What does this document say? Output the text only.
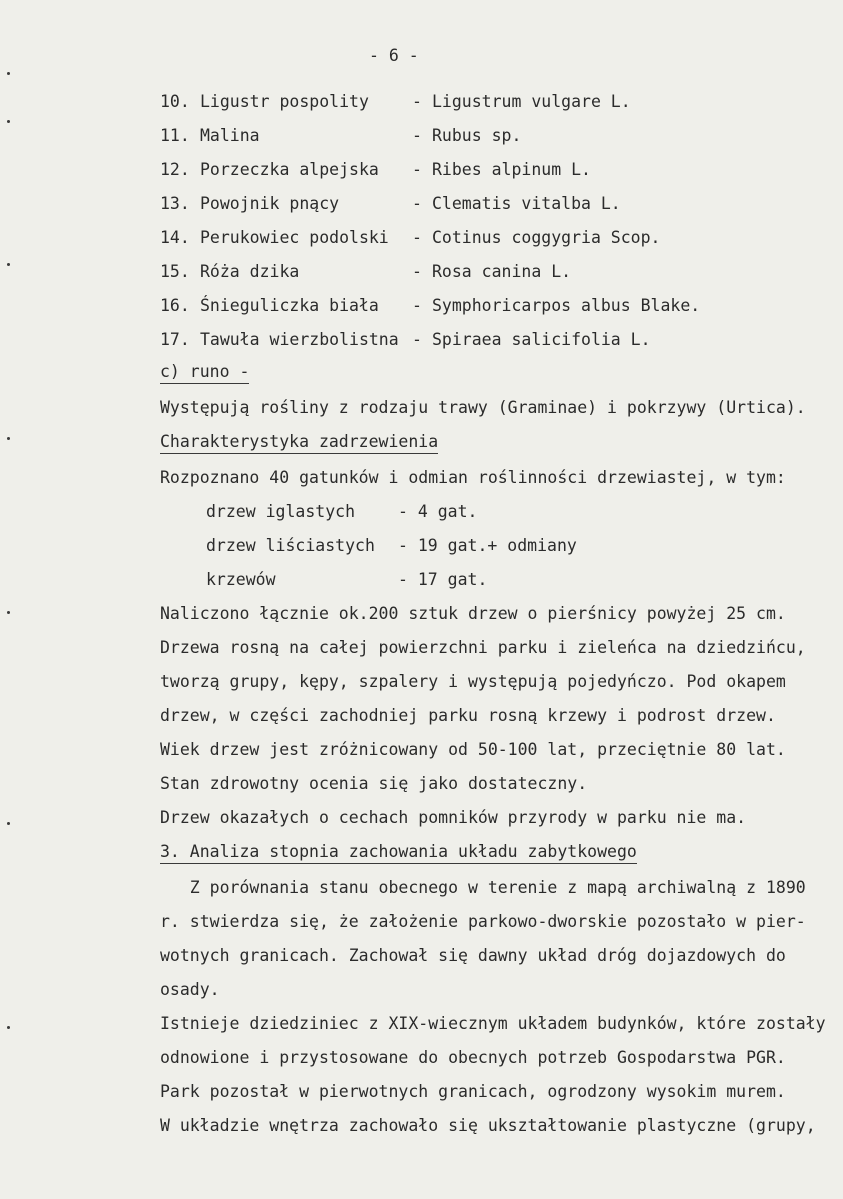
- 6 -
10. Ligustr pospolity	- Ligustrum vulgare L.
11. Malina	- Rubus sp.
12. Porzeczka alpejska - Ribes alpinum L.
13. Powojnik pnący	- Clematis vitalba L.
14. Perukowiec podolski - Cotinus coggygria Scop.
15. Róża dzika	- Rosa canina L.
16. Śnieguliczka biała - Symphoricarpos albus Blake.
17. Tawuła wierzbolistna - Spiraea salicifolia L.
c) runo -
Występują rośliny z rodzaju trawy (Graminae) i pokrzywy (Urtica).
Charakterystyka zadrzewienia
Rozpoznano 40 gatunków i odmian roślinności drzewiastej, w tym:
drzew iglastych	- 4 gat.
drzew liściastych - 19 gat.+ odmiany
krzewów	- 17 gat.
Naliczono łącznie ok.200 sztuk drzew o pierśnicy powyżej 25 cm.
Drzewa rosną na całej powierzchni parku i zieleńca na dziedzińcu,
tworzą grupy, kępy, szpalery i występują pojedyńczo. Pod okapem
drzew, w części zachodniej parku rosną krzewy i podrost drzew.
Wiek drzew jest zróżnicowany od 50-100 lat, przeciętnie 80 lat.
Stan zdrowotny ocenia się jako dostateczny.
Drzew okazałych o cechach pomników przyrody w parku nie ma.
3. Analiza stopnia zachowania układu zabytkowego
Z porównania stanu obecnego w terenie z mapą archiwalną z 1890
r. stwierdza się, że założenie parkowo-dworskie pozostało w pier-
wotnych granicach. Zachował się dawny układ dróg dojazdowych do
osady.
Istnieje dziedziniec z XIX-wiecznym układem budynków, które zostały
odnowione i przystosowane do obecnych potrzeb Gospodarstwa PGR.
Park pozostał w pierwotnych granicach, ogrodzony wysokim murem.
W układzie wnętrza zachowało się ukształtowanie plastyczne (grupy,
